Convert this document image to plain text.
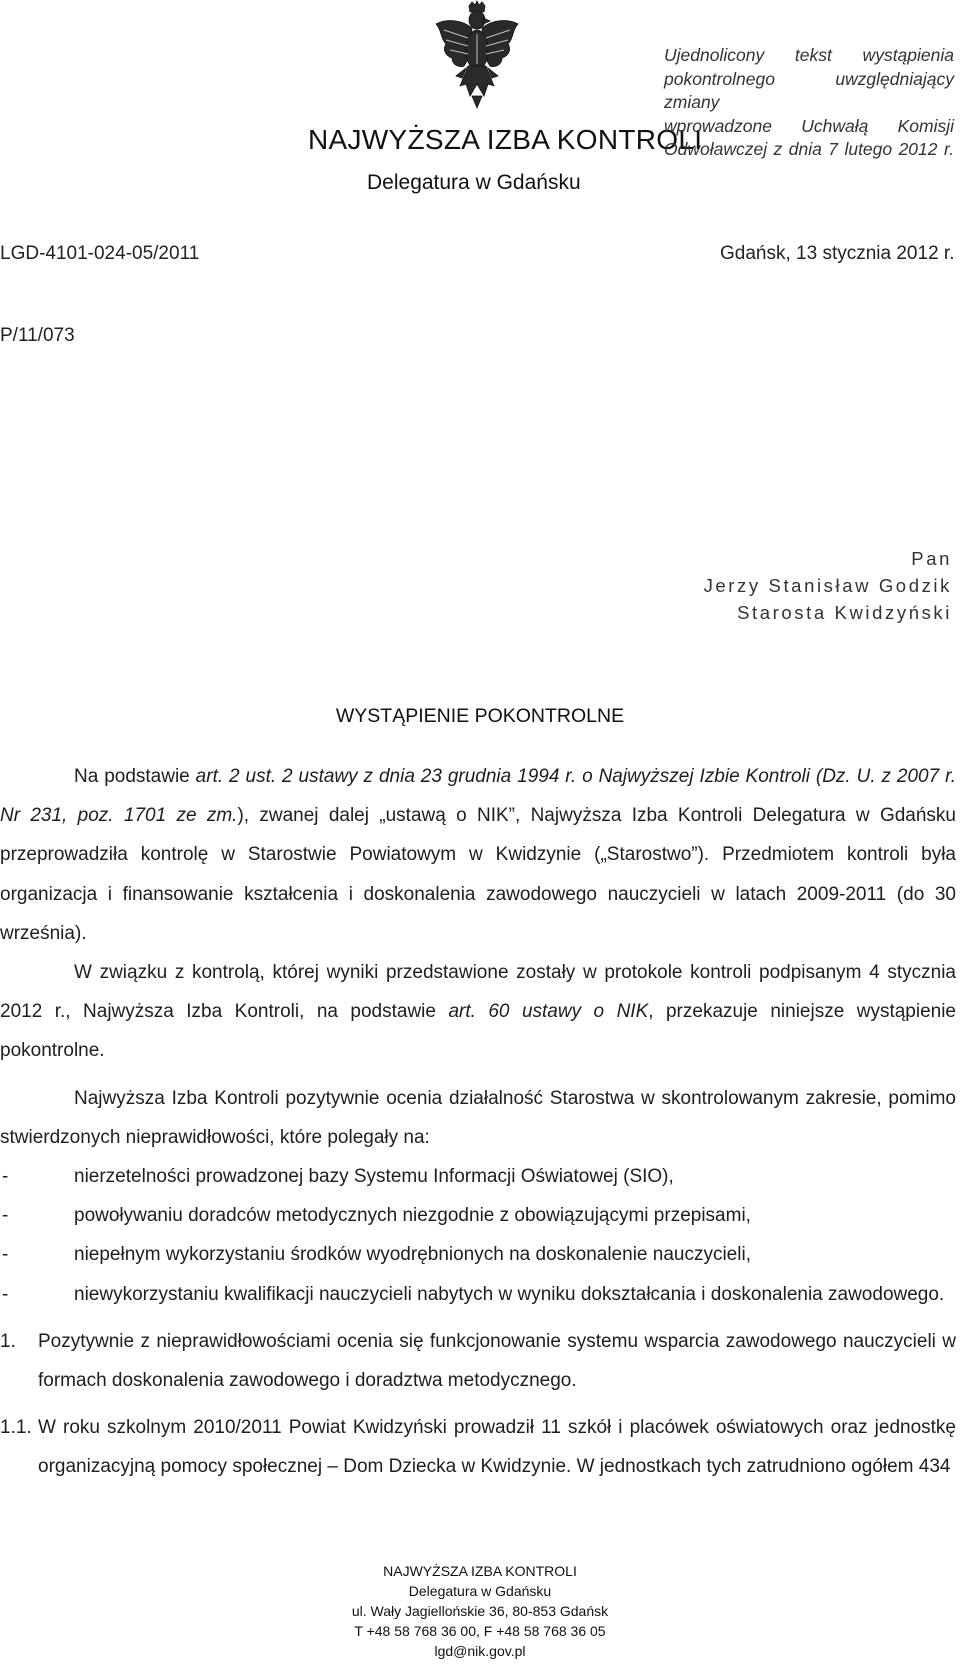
NAJWYŻSZA IZBA KONTROLI
Delegatura w Gdańsku
Ujednolicony tekst wystąpienia
pokontrolnego uwzględniający zmiany
wprowadzone Uchwałą Komisji
Odwoławczej z dnia 7 lutego 2012 r.
LGD-4101-024-05/2011	Gdańsk, 13 stycznia 2012 r.
P/11/073
Pan
Jerzy Stanisław Godzik
Starosta Kwidzyński
WYSTĄPIENIE POKONTROLNE

Na podstawie art. 2 ust. 2 ustawy z dnia 23 grudnia 1994 r. o Najwyższej Izbie Kontroli (Dz. U. z 2007 r. Nr 231, poz. 1701 ze zm.), zwanej dalej „ustawą o NIK”, Najwyższa Izba Kontroli Delegatura w Gdańsku przeprowadziła kontrolę w Starostwie Powiatowym w Kwidzynie („Starostwo”). Przedmiotem kontroli była organizacja i finansowanie kształcenia i doskonalenia zawodowego nauczycieli w latach 2009-2011 (do 30 września).

W związku z kontrolą, której wyniki przedstawione zostały w protokole kontroli podpisanym 4 stycznia 2012 r., Najwyższa Izba Kontroli, na podstawie art. 60 ustawy o NIK, przekazuje niniejsze wystąpienie pokontrolne.

Najwyższa Izba Kontroli pozytywnie ocenia działalność Starostwa w skontrolowanym zakresie, pomimo stwierdzonych nieprawidłowości, które polegały na:

-	nierzetelności prowadzonej bazy Systemu Informacji Oświatowej (SIO),
-	powoływaniu doradców metodycznych niezgodnie z obowiązującymi przepisami,
-	niepełnym wykorzystaniu środków wyodrębnionych na doskonalenie nauczycieli,
-	niewykorzystaniu kwalifikacji nauczycieli nabytych w wyniku dokształcania i doskonalenia zawodowego.
1.	Pozytywnie z nieprawidłowościami ocenia się funkcjonowanie systemu wsparcia zawodowego nauczycieli w formach doskonalenia zawodowego i doradztwa metodycznego.
1.1. W roku szkolnym 2010/2011 Powiat Kwidzyński prowadził 11 szkół i placówek oświatowych oraz jednostkę organizacyjną pomocy społecznej – Dom Dziecka w Kwidzynie. W jednostkach tych zatrudniono ogółem 434
NAJWYŻSZA IZBA KONTROLI
Delegatura w Gdańsku
ul. Wały Jagiellońskie 36, 80-853 Gdańsk
T +48 58 768 36 00, F +48 58 768 36 05
lgd@nik.gov.pl
